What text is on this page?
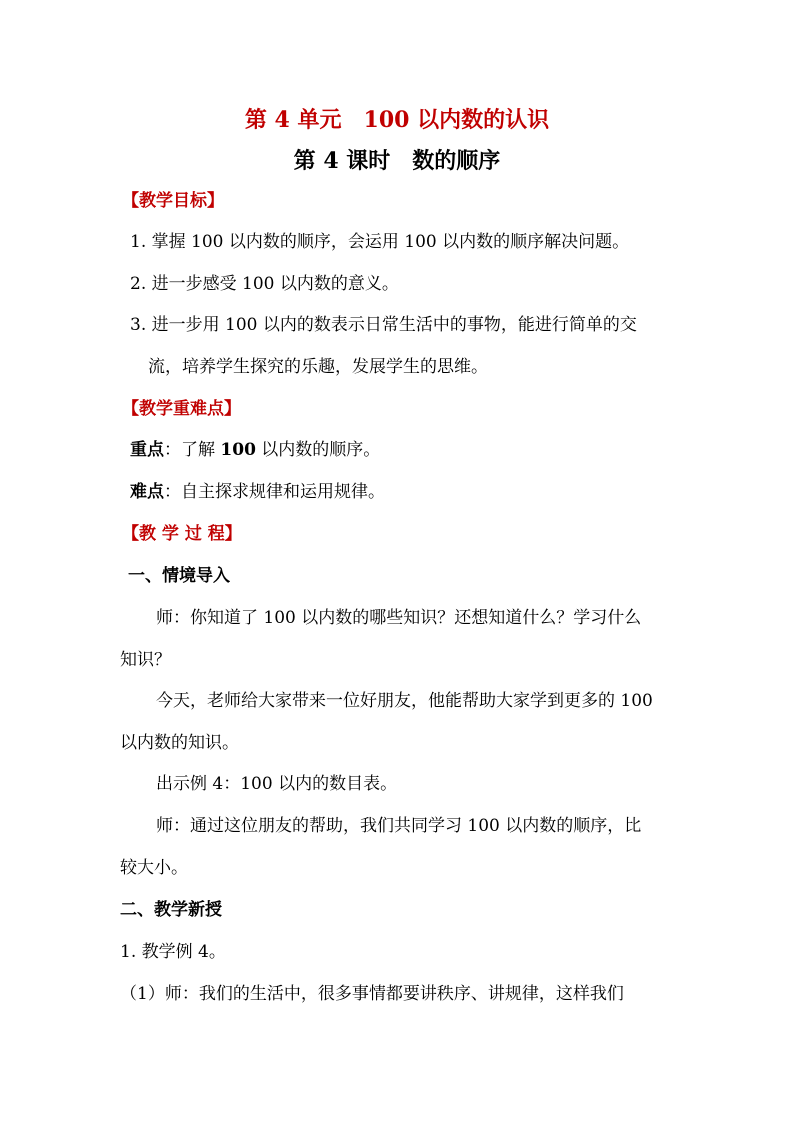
第 4 单元　100 以内数的认识
第 4 课时　数的顺序
【教学目标】
1. 掌握 100 以内数的顺序，会运用 100 以内数的顺序解决问题。
2. 进一步感受 100 以内数的意义。
3. 进一步用 100 以内的数表示日常生活中的事物，能进行简单的交
流，培养学生探究的乐趣，发展学生的思维。
【教学重难点】
重点：了解 100 以内数的顺序。
难点：自主探求规律和运用规律。
【教 学 过 程】
一、情境导入
师：你知道了 100 以内数的哪些知识？还想知道什么？学习什么
知识？
今天，老师给大家带来一位好朋友，他能帮助大家学到更多的 100
以内数的知识。
出示例 4：100 以内的数目表。
师：通过这位朋友的帮助，我们共同学习 100 以内数的顺序，比
较大小。
二、教学新授
1. 教学例 4。
（1）师：我们的生活中，很多事情都要讲秩序、讲规律，这样我们
